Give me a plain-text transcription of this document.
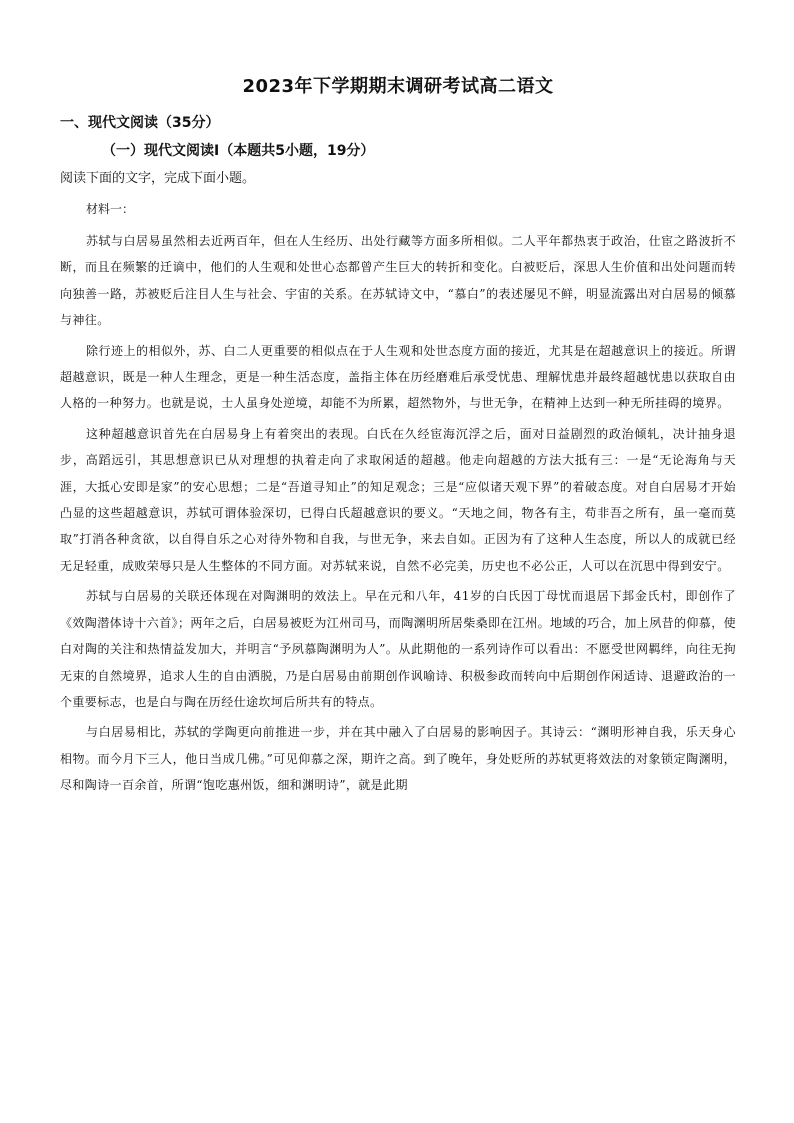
2023年下学期期末调研考试高二语文
一、现代文阅读（35分）
（一）现代文阅读Ⅰ（本题共5小题，19分）
阅读下面的文字，完成下面小题。
材料一：

苏轼与白居易虽然相去近两百年，但在人生经历、出处行藏等方面多所相似。二人平年都热衷于政治，仕宦之路波折不断，而且在频繁的迁谪中，他们的人生观和处世心态都曾产生巨大的转折和变化。白被贬后，深思人生价值和出处问题而转向独善一路，苏被贬后注目人生与社会、宇宙的关系。在苏轼诗文中，“慕白”的表述屡见不鲜，明显流露出对白居易的倾慕与神往。

除行迹上的相似外，苏、白二人更重要的相似点在于人生观和处世态度方面的接近，尤其是在超越意识上的接近。所谓超越意识，既是一种人生理念，更是一种生活态度，盖指主体在历经磨难后承受忧患、理解忧患并最终超越忧患以获取自由人格的一种努力。也就是说，士人虽身处逆境，却能不为所累，超然物外，与世无争，在精神上达到一种无所挂碍的境界。

这种超越意识首先在白居易身上有着突出的表现。白氏在久经宦海沉浮之后，面对日益剧烈的政治倾轧，决计抽身退步，高蹈远引，其思想意识已从对理想的执着走向了求取闲适的超越。他走向超越的方法大抵有三：一是“无论海角与天涯，大抵心安即是家”的安心思想；二是“吾道寻知止”的知足观念；三是“应似诸天观下界”的着破态度。对自白居易才开始凸显的这些超越意识，苏轼可谓体验深切，已得白氏超越意识的要义。“天地之间，物各有主，苟非吾之所有，虽一毫而莫取”打消各种贪欲，以自得自乐之心对待外物和自我，与世无争，来去自如。正因为有了这种人生态度，所以人的成就已经无足轻重，成败荣辱只是人生整体的不同方面。对苏轼来说，自然不必完美，历史也不必公正，人可以在沉思中得到安宁。

苏轼与白居易的关联还体现在对陶渊明的效法上。早在元和八年，41岁的白氏因丁母忧而退居下邽金氏村，即创作了《效陶潜体诗十六首》；两年之后，白居易被贬为江州司马，而陶渊明所居柴桑即在江州。地域的巧合，加上夙昔的仰慕，使白对陶的关注和热情益发加大，并明言“予夙慕陶渊明为人”。从此期他的一系列诗作可以看出：不愿受世网羁绊，向往无拘无束的自然境界，追求人生的自由洒脱，乃是白居易由前期创作讽喻诗、积极参政而转向中后期创作闲适诗、退避政治的一个重要标志，也是白与陶在历经仕途坎坷后所共有的特点。

与白居易相比，苏轼的学陶更向前推进一步，并在其中融入了白居易的影响因子。其诗云：“渊明形神自我，乐天身心相物。而今月下三人，他日当成几佛。”可见仰慕之深，期许之高。到了晚年，身处贬所的苏轼更将效法的对象锁定陶渊明，尽和陶诗一百余首，所谓“饱吃惠州饭，细和渊明诗”，就是此期
